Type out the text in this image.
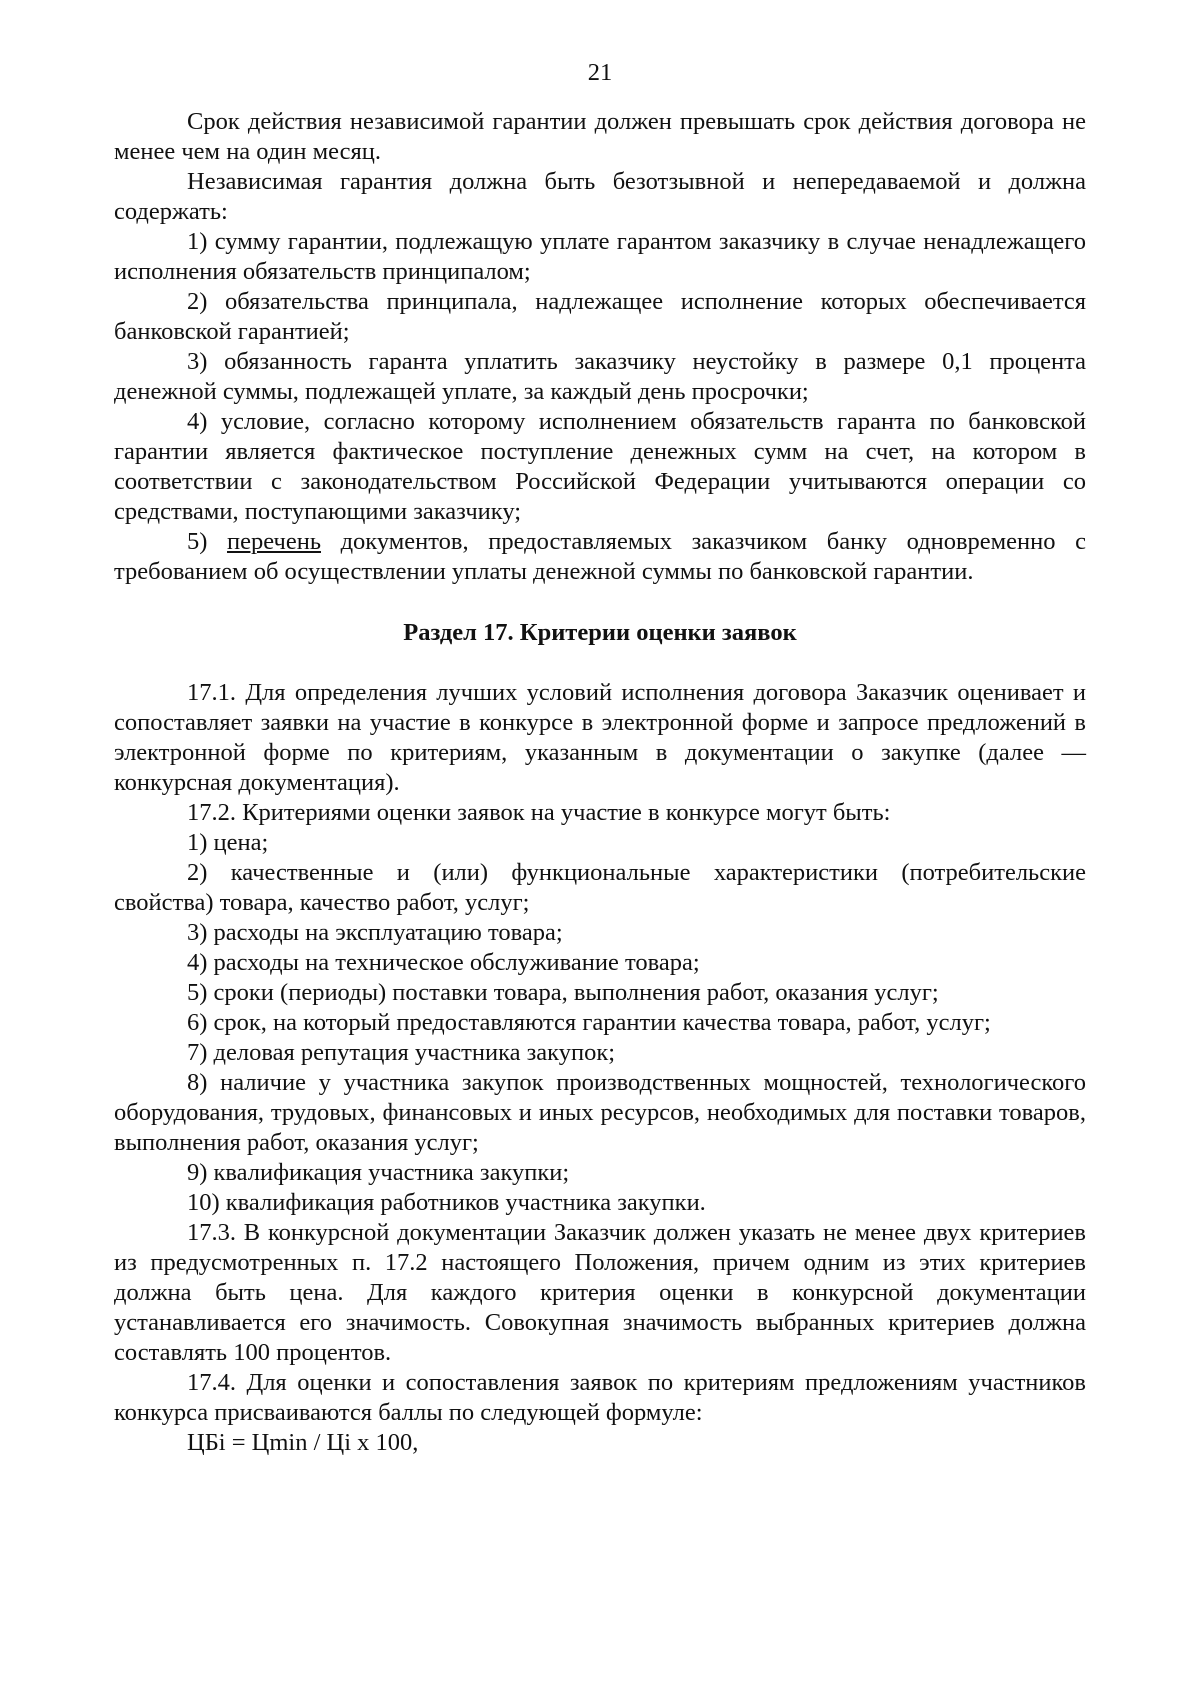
21

Срок действия независимой гарантии должен превышать срок действия договора не менее чем на один месяц.

Независимая гарантия должна быть безотзывной и непередаваемой и должна содержать:

1) сумму гарантии, подлежащую уплате гарантом заказчику в случае ненадлежащего исполнения обязательств принципалом;

2) обязательства принципала, надлежащее исполнение которых обеспечивается банковской гарантией;

3) обязанность гаранта уплатить заказчику неустойку в размере 0,1 процента денежной суммы, подлежащей уплате, за каждый день просрочки;

4) условие, согласно которому исполнением обязательств гаранта по банковской гарантии является фактическое поступление денежных сумм на счет, на котором в соответствии с законодательством Российской Федерации учитываются операции со средствами, поступающими заказчику;

5) перечень документов, предоставляемых заказчиком банку одновременно с требованием об осуществлении уплаты денежной суммы по банковской гарантии.

Раздел 17. Критерии оценки заявок

17.1. Для определения лучших условий исполнения договора Заказчик оценивает и сопоставляет заявки на участие в конкурсе в электронной форме и запросе предложений в электронной форме по критериям, указанным в документации о закупке (далее — конкурсная документация).

17.2. Критериями оценки заявок на участие в конкурсе могут быть:

1) цена;

2) качественные и (или) функциональные характеристики (потребительские свойства) товара, качество работ, услуг;

3) расходы на эксплуатацию товара;

4) расходы на техническое обслуживание товара;

5) сроки (периоды) поставки товара, выполнения работ, оказания услуг;

6) срок, на который предоставляются гарантии качества товара, работ, услуг;

7) деловая репутация участника закупок;

8) наличие у участника закупок производственных мощностей, технологического оборудования, трудовых, финансовых и иных ресурсов, необходимых для поставки товаров, выполнения работ, оказания услуг;

9) квалификация участника закупки;

10) квалификация работников участника закупки.

17.3. В конкурсной документации Заказчик должен указать не менее двух критериев из предусмотренных п. 17.2 настоящего Положения, причем одним из этих критериев должна быть цена. Для каждого критерия оценки в конкурсной документации устанавливается его значимость. Совокупная значимость выбранных критериев должна составлять 100 процентов.

17.4. Для оценки и сопоставления заявок по критериям предложениям участников конкурса присваиваются баллы по следующей формуле:

ЦБi = Цmin / Цi x 100,
